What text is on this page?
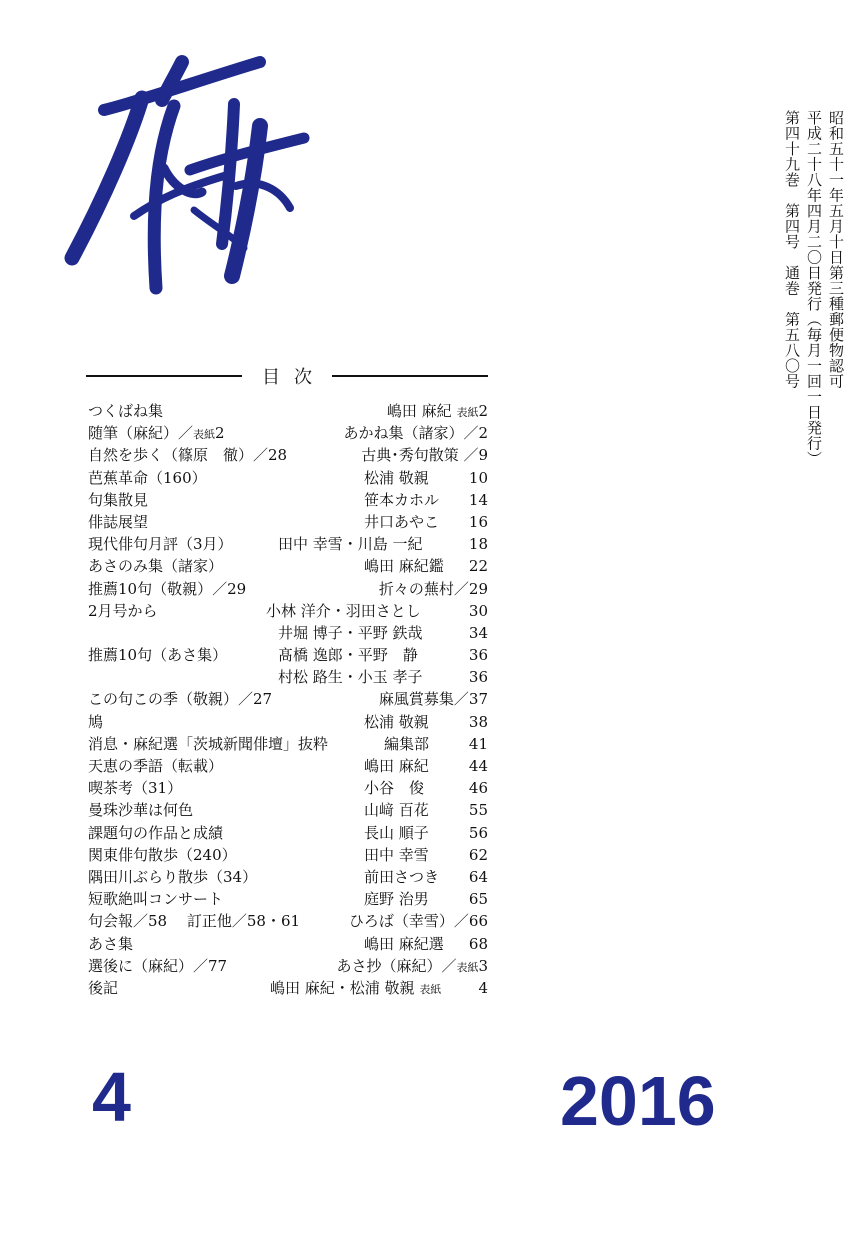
昭和五十一年五月十日第三種郵便物認可
平成二十八年四月二〇日発行（毎月一回一日発行）
第四十九巻　第四号　通巻　第五八〇号
目次
つくばね集	嶋田 麻紀 表紙2
随筆（麻紀）／表紙2	あかね集（諸家）／2
自然を歩く（篠原　徹）／28	古典･秀句散策 ／9
芭蕉革命（160）	松浦 敬親	10
句集散見	笹本カホル 14
俳誌展望	井口あやこ 16
現代俳句月評（3月）	田中 幸雪・川島 一紀	18
あさのみ集（諸家）	嶋田 麻紀鑑 22
推薦10句（敬親）／29	折々の蕪村／29
2月号から	小林 洋介・羽田さとし	30
井堀 博子・平野 鉄哉	34
推薦10句（あさ集）	髙橋 逸郎・平野　静	36
村松 路生・小玉 孝子	36
この句この季（敬親）／27	麻風賞募集／37
鳩	松浦 敬親	38
消息・麻紀選「茨城新聞俳壇」抜粋	編集部	41
天恵の季語（転載）	嶋田 麻紀	44
喫茶考（31）	小谷　俊	46
曼珠沙華は何色	山﨑 百花	55
課題句の作品と成績	長山 順子	56
関東俳句散歩（240）	田中 幸雪	62
隅田川ぶらり散歩（34）	前田さつき 64
短歌絶叫コンサート	庭野 治男	65
句会報／58　 訂正他／58・61	ひろば（幸雪）／66
あさ集	嶋田 麻紀選 68
選後に（麻紀）／77	あさ抄（麻紀）／表紙3
後記	嶋田 麻紀・松浦 敬親 表紙 4
4	2016
